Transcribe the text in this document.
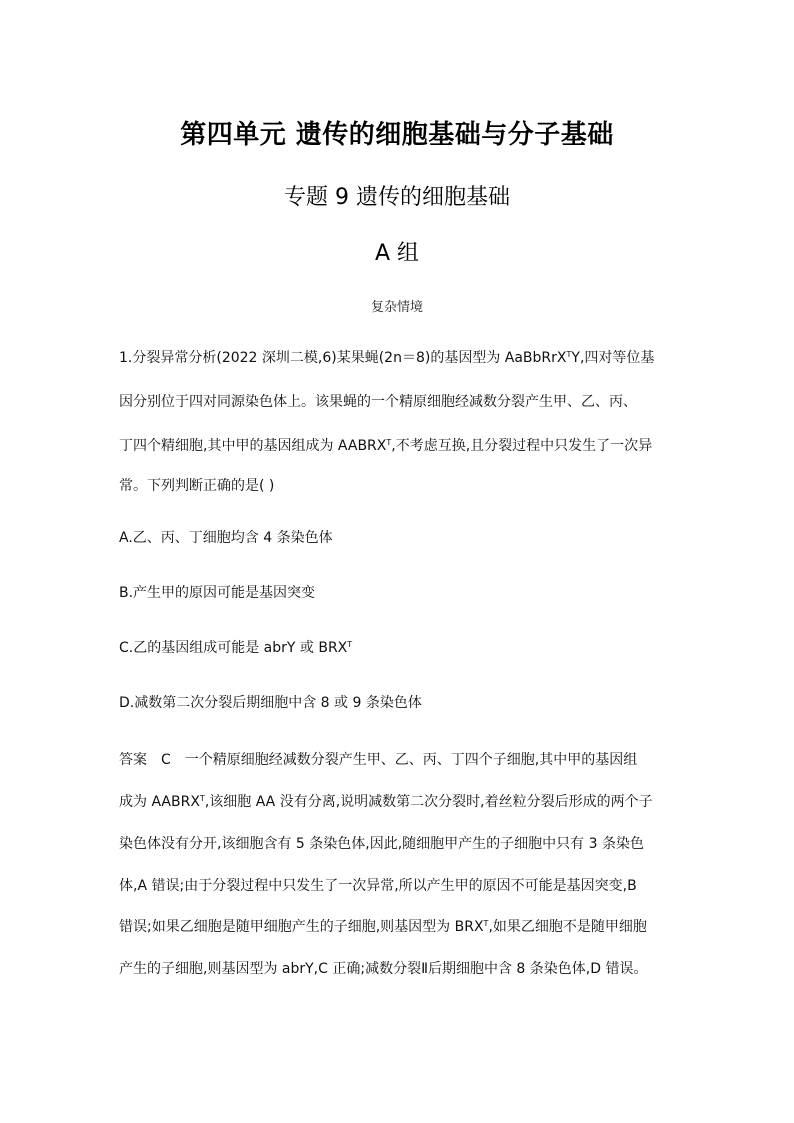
第四单元 遗传的细胞基础与分子基础
专题 9 遗传的细胞基础
A 组
复杂情境
1.分裂异常分析(2022 深圳二模,6)某果蝇(2n＝8)的基因型为 AaBbRrX$^T$Y,四对等位基
因分别位于四对同源染色体上。该果蝇的一个精原细胞经减数分裂产生甲、乙、丙、
丁四个精细胞,其中甲的基因组成为 $AABRX^T$,不考虑互换,且分裂过程中只发生了一次异
常。下列判断正确的是( )
A.乙、丙、丁细胞均含 4 条染色体
B.产生甲的原因可能是基因突变
C.乙的基因组成可能是 abrY 或 $BRX^T$
D.减数第二次分裂后期细胞中含 8 或 9 条染色体
答案 C 一个精原细胞经减数分裂产生甲、乙、丙、丁四个子细胞,其中甲的基因组
成为 $AABRX^T$,该细胞 AA 没有分离,说明减数第二次分裂时,着丝粒分裂后形成的两个子
染色体没有分开,该细胞含有 5 条染色体,因此,随细胞甲产生的子细胞中只有 3 条染色
体,A 错误;由于分裂过程中只发生了一次异常,所以产生甲的原因不可能是基因突变,B
错误;如果乙细胞是随甲细胞产生的子细胞,则基因型为 $BRX^T$,如果乙细胞不是随甲细胞
产生的子细胞,则基因型为 abrY,C 正确;减数分裂Ⅱ后期细胞中含 8 条染色体,D 错误。
